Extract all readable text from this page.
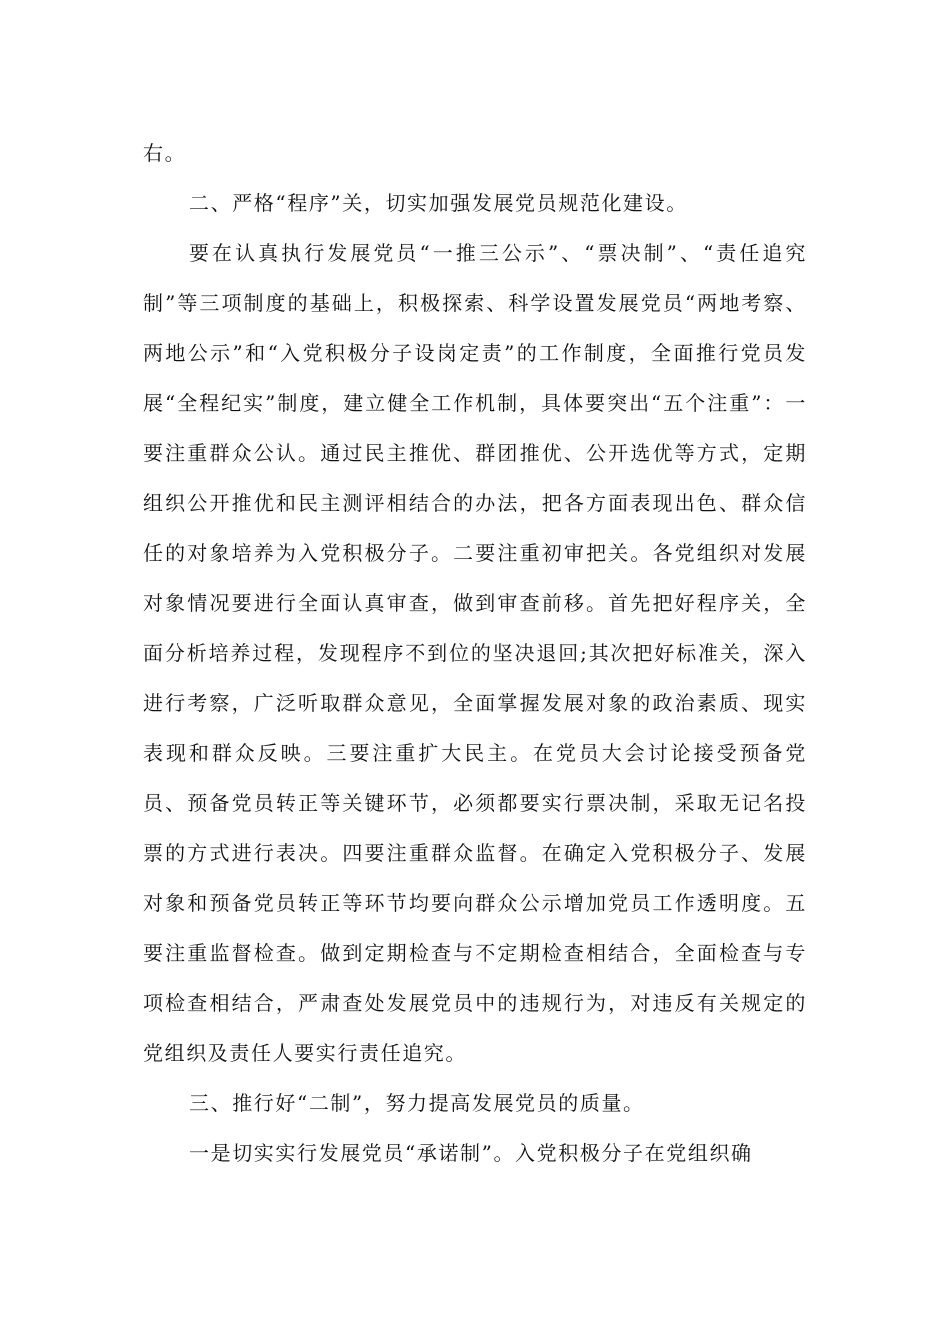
右。

二、严格“程序”关，切实加强发展党员规范化建设。

要在认真执行发展党员“一推三公示”、“票决制”、“责任追究制”等三项制度的基础上，积极探索、科学设置发展党员“两地考察、两地公示”和“入党积极分子设岗定责”的工作制度，全面推行党员发展“全程纪实”制度，建立健全工作机制，具体要突出“五个注重”：一要注重群众公认。通过民主推优、群团推优、公开选优等方式，定期组织公开推优和民主测评相结合的办法，把各方面表现出色、群众信任的对象培养为入党积极分子。二要注重初审把关。各党组织对发展对象情况要进行全面认真审查，做到审查前移。首先把好程序关，全面分析培养过程，发现程序不到位的坚决退回;其次把好标准关，深入进行考察，广泛听取群众意见，全面掌握发展对象的政治素质、现实表现和群众反映。三要注重扩大民主。在党员大会讨论接受预备党员、预备党员转正等关键环节，必须都要实行票决制，采取无记名投票的方式进行表决。四要注重群众监督。在确定入党积极分子、发展对象和预备党员转正等环节均要向群众公示增加党员工作透明度。五要注重监督检查。做到定期检查与不定期检查相结合，全面检查与专项检查相结合，严肃查处发展党员中的违规行为，对违反有关规定的党组织及责任人要实行责任追究。

三、推行好“二制”，努力提高发展党员的质量。

一是切实实行发展党员“承诺制”。入党积极分子在党组织确
